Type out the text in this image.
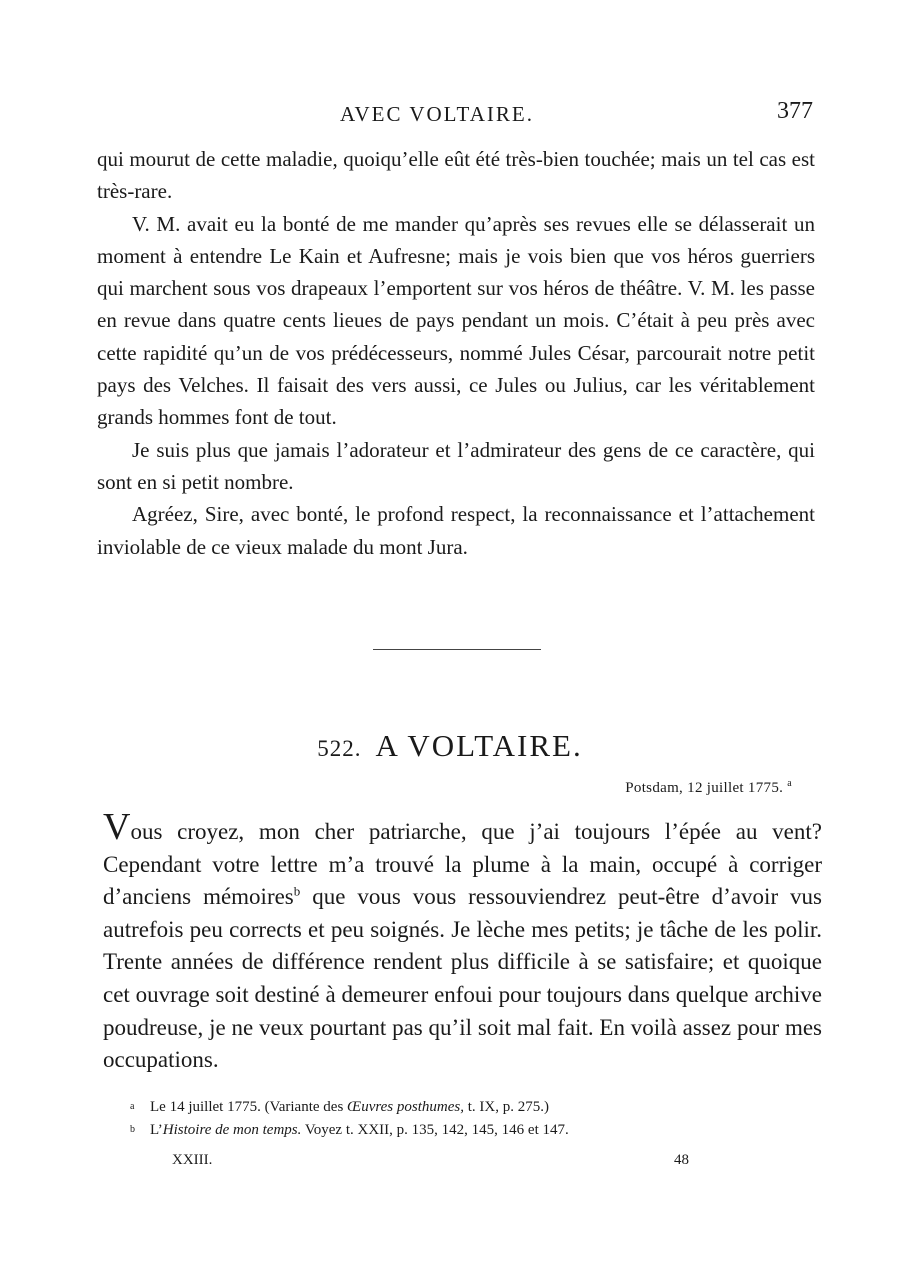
AVEC VOLTAIRE.	377

qui mourut de cette maladie, quoiqu’elle eût été très-bien touchée; mais un tel cas est très-rare.

V. M. avait eu la bonté de me mander qu’après ses revues elle se délasserait un moment à entendre Le Kain et Aufresne; mais je vois bien que vos héros guerriers qui marchent sous vos drapeaux l’emportent sur vos héros de théâtre. V. M. les passe en revue dans quatre cents lieues de pays pendant un mois. C’était à peu près avec cette rapidité qu’un de vos prédécesseurs, nommé Jules César, parcourait notre petit pays des Velches. Il faisait des vers aussi, ce Jules ou Julius, car les véritablement grands hommes font de tout.

Je suis plus que jamais l’adorateur et l’admirateur des gens de ce caractère, qui sont en si petit nombre.

Agréez, Sire, avec bonté, le profond respect, la reconnaissance et l’attachement inviolable de ce vieux malade du mont Jura.

522. A VOLTAIRE.
Potsdam, 12 juillet 1775. $^a$

Vous croyez, mon cher patriarche, que j’ai toujours l’épée au vent? Cependant votre lettre m’a trouvé la plume à la main, occupé à corriger d’anciens mémoires$^b$ que vous vous ressouviendrez peut-être d’avoir vus autrefois peu corrects et peu soignés. Je lèche mes petits; je tâche de les polir. Trente années de différence rendent plus difficile à se satisfaire; et quoique cet ouvrage soit destiné à demeurer enfoui pour toujours dans quelque archive poudreuse, je ne veux pourtant pas qu’il soit mal fait. En voilà assez pour mes occupations.

a Le 14 juillet 1775. (Variante des Œuvres posthumes, t. IX, p. 275.)
b L’Histoire de mon temps. Voyez t. XXII, p. 135, 142, 145, 146 et 147.
XXIII.	48
